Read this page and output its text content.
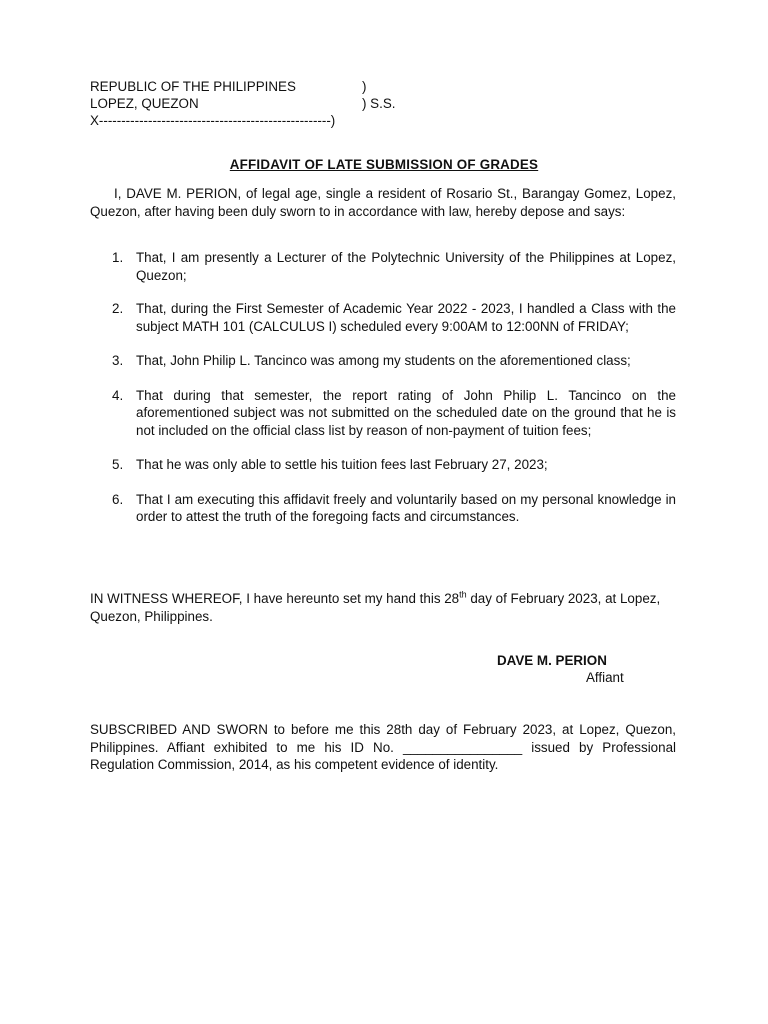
REPUBLIC OF THE PHILIPPINES	)
LOPEZ, QUEZON	) S.S.
X----------------------------------------------------)
AFFIDAVIT OF LATE SUBMISSION OF GRADES

I, DAVE M. PERION, of legal age, single a resident of Rosario St., Barangay Gomez, Lopez, Quezon, after having been duly sworn to in accordance with law, hereby depose and says:

1. That, I am presently a Lecturer of the Polytechnic University of the Philippines at Lopez, Quezon;
2. That, during the First Semester of Academic Year 2022 - 2023, I handled a Class with the subject MATH 101 (CALCULUS I) scheduled every 9:00AM to 12:00NN of FRIDAY;
3. That, John Philip L. Tancinco was among my students on the aforementioned class;
4. That during that semester, the report rating of John Philip L. Tancinco on the aforementioned subject was not submitted on the scheduled date on the ground that he is not included on the official class list by reason of non-payment of tuition fees;
5. That he was only able to settle his tuition fees last February 27, 2023;
6. That I am executing this affidavit freely and voluntarily based on my personal knowledge in order to attest the truth of the foregoing facts and circumstances.

IN WITNESS WHEREOF, I have hereunto set my hand this 28th day of February 2023, at Lopez, Quezon, Philippines.

DAVE M. PERION
Affiant

SUBSCRIBED AND SWORN to before me this 28th day of February 2023, at Lopez, Quezon, Philippines. Affiant exhibited to me his ID No. ________________ issued by Professional Regulation Commission, 2014, as his competent evidence of identity.
